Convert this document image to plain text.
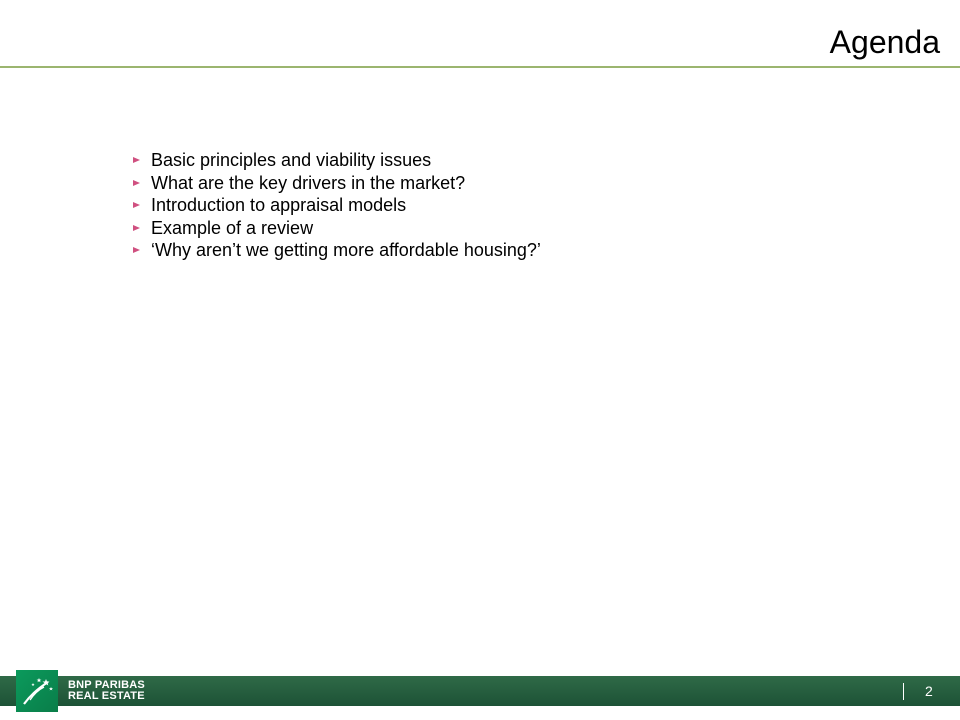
Agenda
Basic principles and viability issues
What are the key drivers in the market?
Introduction to appraisal models
Example of a review
‘Why aren’t we getting more affordable housing?’
BNP PARIBAS
REAL ESTATE	2
